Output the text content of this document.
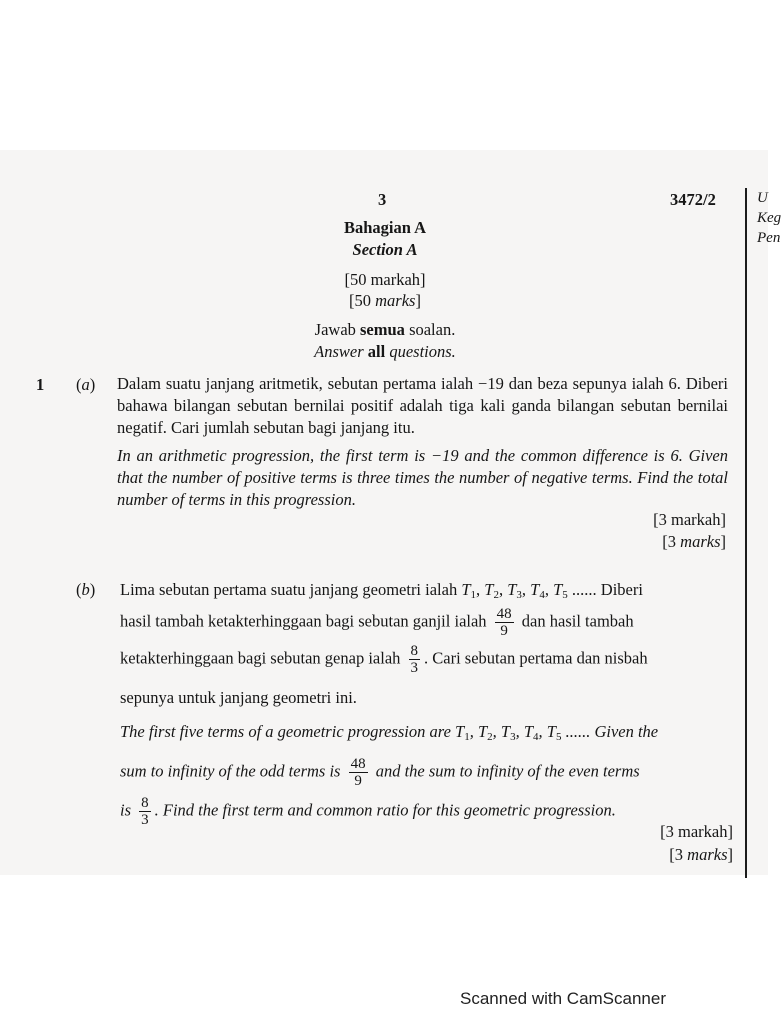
3	3472/2	U
Keg
Pen
Bahagian A
Section A
[50 markah]
[50 marks]
Jawab semua soalan.
Answer all questions.
1 (a) Dalam suatu janjang aritmetik, sebutan pertama ialah −19 dan beza sepunya ialah 6. Diberi bahawa bilangan sebutan bernilai positif adalah tiga kali ganda bilangan sebutan bernilai negatif. Cari jumlah sebutan bagi janjang itu.
In an arithmetic progression, the first term is −19 and the common difference is 6. Given that the number of positive terms is three times the number of negative terms. Find the total number of terms in this progression.
[3 markah]
[3 marks]
(b) Lima sebutan pertama suatu janjang geometri ialah $T_1$, $T_2$, $T_3$, $T_4$, $T_5$ ...... Diberi
hasil tambah ketakterhinggaan bagi sebutan ganjil ialah $\frac{48}{9}$ dan hasil tambah
ketakterhinggaan bagi sebutan genap ialah $\frac{8}{3}$ . Cari sebutan pertama dan nisbah
sepunya untuk janjang geometri ini.
The first five terms of a geometric progression are $T_1$, $T_2$, $T_3$, $T_4$, $T_5$ ...... Given the
sum to infinity of the odd terms is $\frac{48}{9}$ and the sum to infinity of the even terms
is $\frac{8}{3}$ . Find the first term and common ratio for this geometric progression.
[3 markah]
[3 marks]
Scanned with CamScanner
